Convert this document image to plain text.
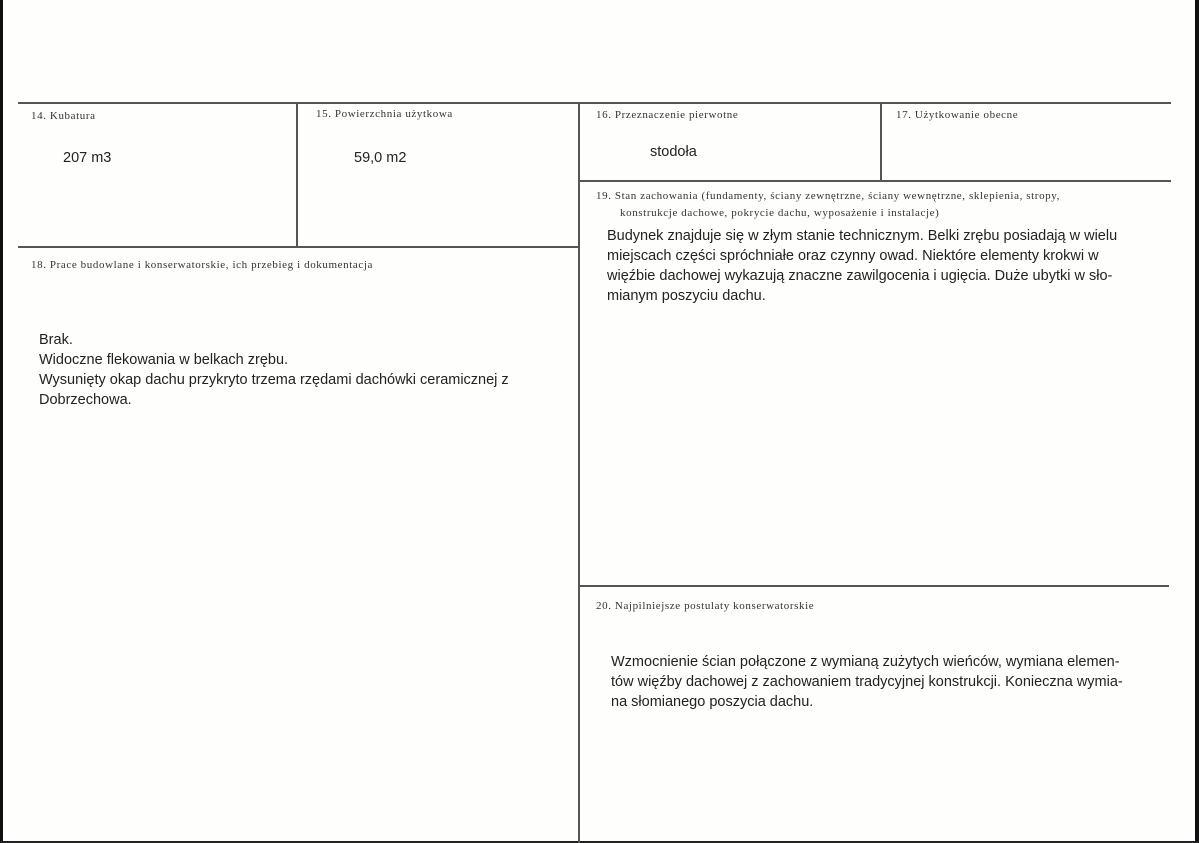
14. Kubatura
207 m3
15. Powierzchnia użytkowa
59,0 m2
16. Przeznaczenie pierwotne
stodoła
17. Użytkowanie obecne
19. Stan zachowania (fundamenty, ściany zewnętrzne, ściany wewnętrzne, sklepienia, stropy,
konstrukcje dachowe, pokrycie dachu, wyposażenie i instalacje)
Budynek znajduje się w złym stanie technicznym. Belki zrębu posiadają w wielu
miejscach części spróchniałe oraz czynny owad. Niektóre elementy krokwi w
więźbie dachowej wykazują znaczne zawilgocenia i ugięcia. Duże ubytki w sło-
mianym poszyciu dachu.
18. Prace budowlane i konserwatorskie, ich przebieg i dokumentacja
Brak.
Widoczne flekowania w belkach zrębu.
Wysunięty okap dachu przykryto trzema rzędami dachówki ceramicznej z
Dobrzechowa.
20. Najpilniejsze postulaty konserwatorskie
Wzmocnienie ścian połączone z wymianą zużytych wieńców, wymiana elemen-
tów więźby dachowej z zachowaniem tradycyjnej konstrukcji. Konieczna wymia-
na słomianego poszycia dachu.
